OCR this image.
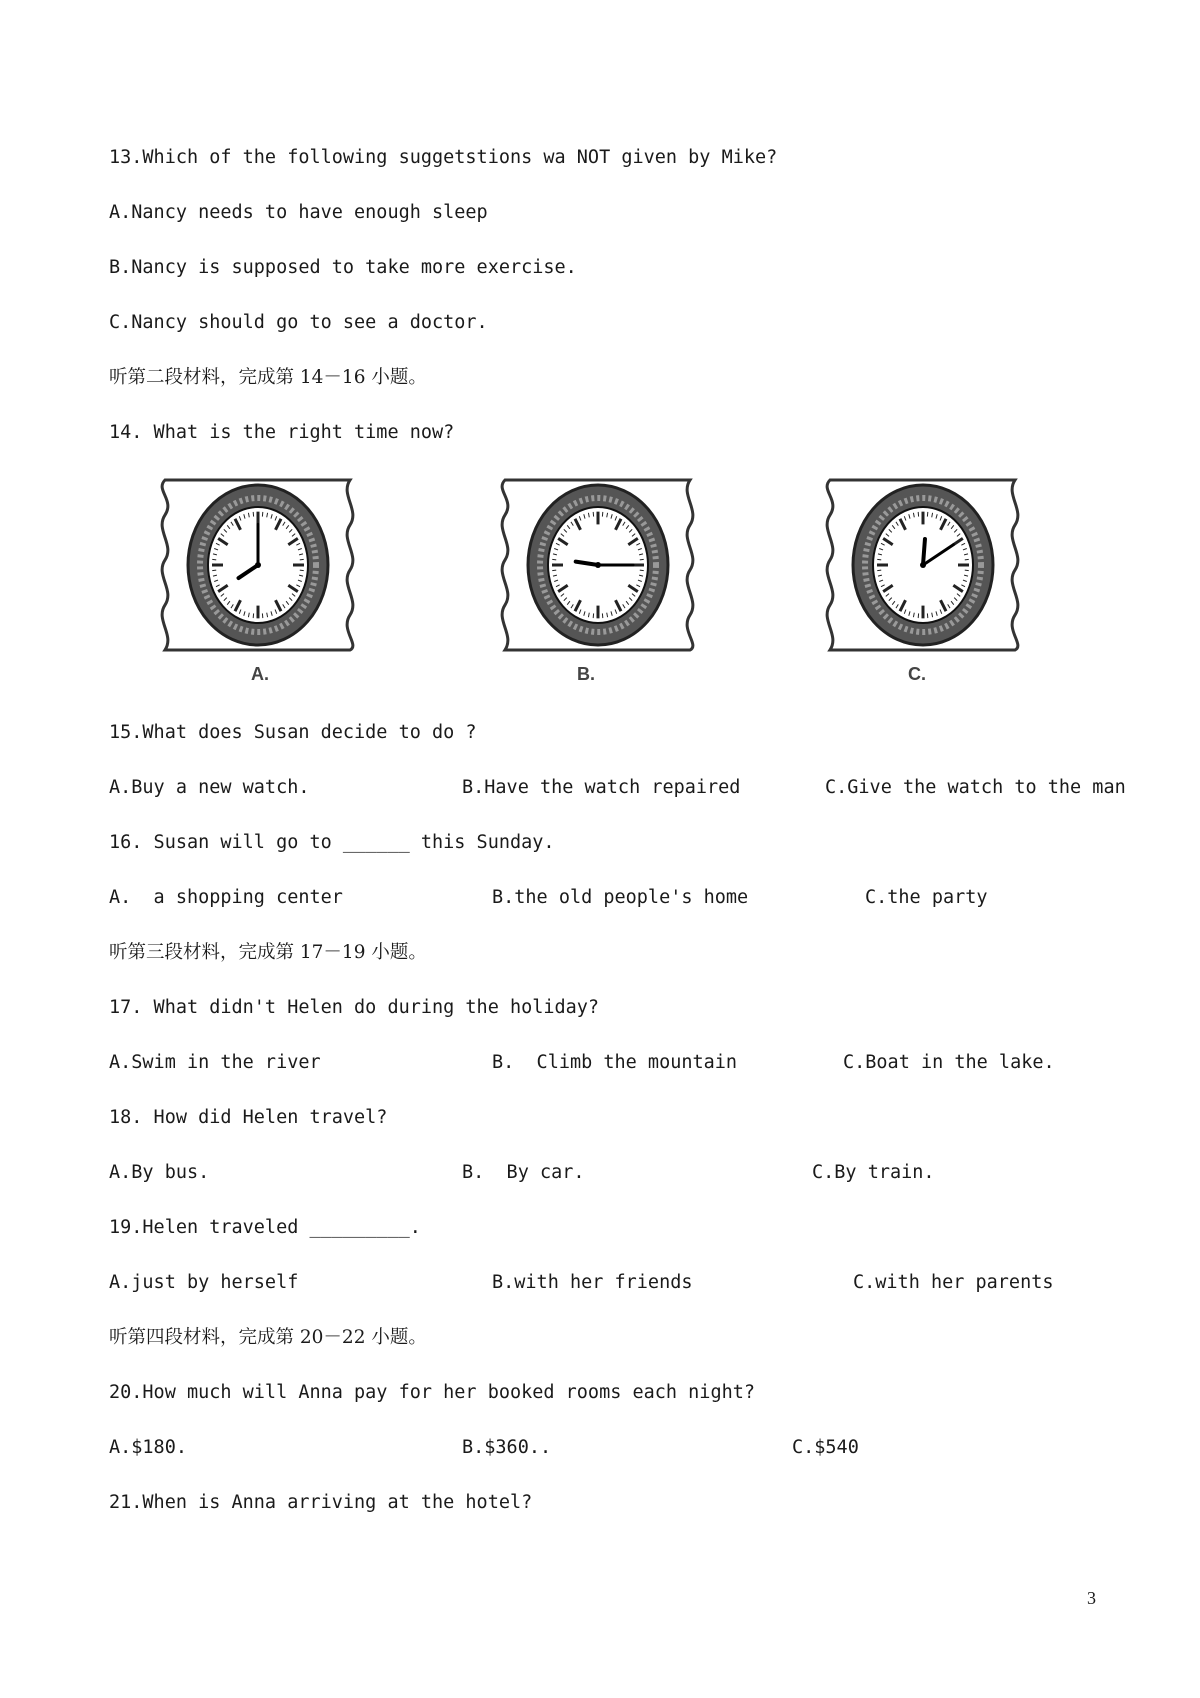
13.Which of the following suggetstions wa NOT given by Mike?
A.Nancy needs to have enough sleep
B.Nancy is supposed to take more exercise.
C.Nancy should go to see a doctor.
听第二段材料，完成第 14－16 小题。
14. What is the right time now?
A.	B.	C.
15.What does Susan decide to do ?
A.Buy a new watch.	B.Have the watch repaired	C.Give the watch to the man
16. Susan will go to ______ this Sunday.
A.  a shopping center	B.the old people's home	C.the party
听第三段材料，完成第 17－19 小题。
17. What didn't Helen do during the holiday?
A.Swim in the river	B.  Climb the mountain	C.Boat in the lake.
18. How did Helen travel?
A.By bus.	B.  By car.	C.By train.
19.Helen traveled _________.
A.just by herself	B.with her friends	C.with her parents
听第四段材料，完成第 20－22 小题。
20.How much will Anna pay for her booked rooms each night?
A.$180.	B.$360..	C.$540
21.When is Anna arriving at the hotel?
3
